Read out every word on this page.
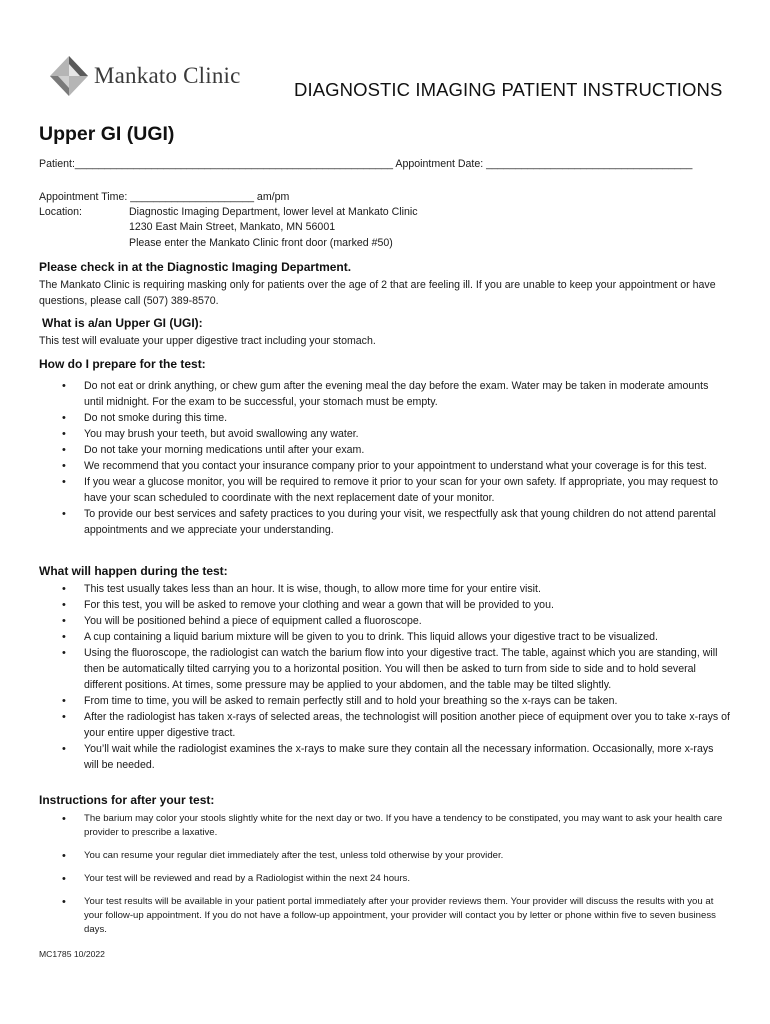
Mankato Clinic
DIAGNOSTIC IMAGING PATIENT INSTRUCTIONS
Upper GI (UGI)
Patient:______________________________________________________ Appointment Date: ___________________________________
Appointment Time: _____________________ am/pm
Location:	Diagnostic Imaging Department, lower level at Mankato Clinic
1230 East Main Street, Mankato, MN 56001
Please enter the Mankato Clinic front door (marked #50)
Please check in at the Diagnostic Imaging Department.
The Mankato Clinic is requiring masking only for patients over the age of 2 that are feeling ill. If you are unable to keep your appointment or have questions, please call (507) 389-8570.
What is a/an Upper GI (UGI):
This test will evaluate your upper digestive tract including your stomach.
How do I prepare for the test:
• Do not eat or drink anything, or chew gum after the evening meal the day before the exam. Water may be taken in moderate amounts until midnight. For the exam to be successful, your stomach must be empty.
• Do not smoke during this time.
• You may brush your teeth, but avoid swallowing any water.
• Do not take your morning medications until after your exam.
• We recommend that you contact your insurance company prior to your appointment to understand what your coverage is for this test.
• If you wear a glucose monitor, you will be required to remove it prior to your scan for your own safety. If appropriate, you may request to have your scan scheduled to coordinate with the next replacement date of your monitor.
• To provide our best services and safety practices to you during your visit, we respectfully ask that young children do not attend parental appointments and we appreciate your understanding.
What will happen during the test:
• This test usually takes less than an hour. It is wise, though, to allow more time for your entire visit.
• For this test, you will be asked to remove your clothing and wear a gown that will be provided to you.
• You will be positioned behind a piece of equipment called a fluoroscope.
• A cup containing a liquid barium mixture will be given to you to drink. This liquid allows your digestive tract to be visualized.
• Using the fluoroscope, the radiologist can watch the barium flow into your digestive tract. The table, against which you are standing, will then be automatically tilted carrying you to a horizontal position. You will then be asked to turn from side to side and to hold several different positions. At times, some pressure may be applied to your abdomen, and the table may be tilted slightly.
• From time to time, you will be asked to remain perfectly still and to hold your breathing so the x-rays can be taken.
• After the radiologist has taken x-rays of selected areas, the technologist will position another piece of equipment over you to take x-rays of your entire upper digestive tract.
• You’ll wait while the radiologist examines the x-rays to make sure they contain all the necessary information. Occasionally, more x-rays will be needed.
Instructions for after your test:
• The barium may color your stools slightly white for the next day or two. If you have a tendency to be constipated, you may want to ask your health care provider to prescribe a laxative.
• You can resume your regular diet immediately after the test, unless told otherwise by your provider.
• Your test will be reviewed and read by a Radiologist within the next 24 hours.
• Your test results will be available in your patient portal immediately after your provider reviews them. Your provider will discuss the results with you at your follow-up appointment. If you do not have a follow-up appointment, your provider will contact you by letter or phone within five to seven business days.
MC1785 10/2022
